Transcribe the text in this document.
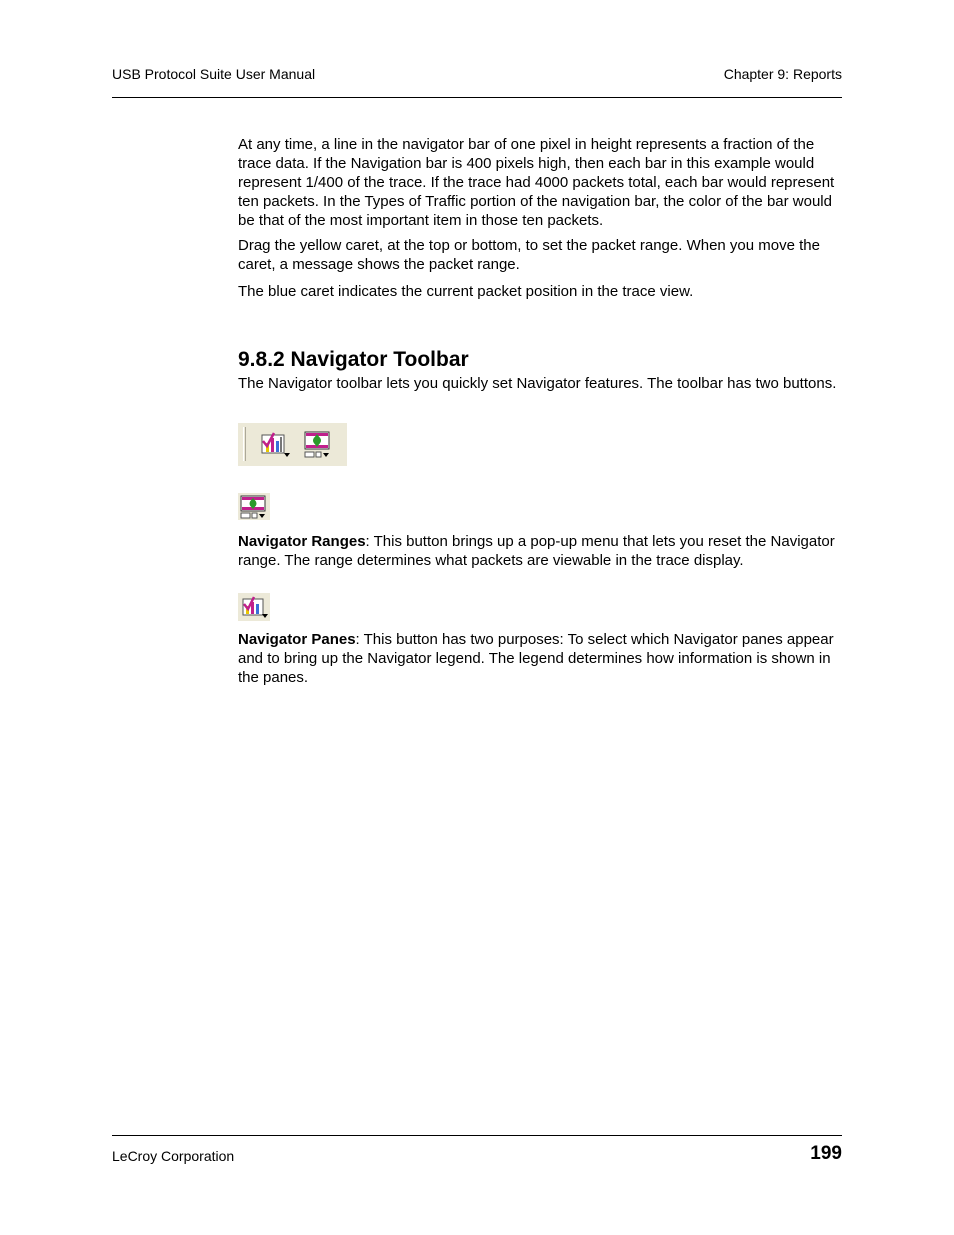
USB Protocol Suite User Manual	Chapter 9: Reports

At any time, a line in the navigator bar of one pixel in height represents a fraction of the trace data. If the Navigation bar is 400 pixels high, then each bar in this example would represent 1/400 of the trace. If the trace had 4000 packets total, each bar would represent ten packets. In the Types of Traffic portion of the navigation bar, the color of the bar would be that of the most important item in those ten packets.

Drag the yellow caret, at the top or bottom, to set the packet range. When you move the caret, a message shows the packet range.

The blue caret indicates the current packet position in the trace view.

9.8.2 Navigator Toolbar

The Navigator toolbar lets you quickly set Navigator features. The toolbar has two buttons.

Navigator Ranges: This button brings up a pop-up menu that lets you reset the Navigator range. The range determines what packets are viewable in the trace display.

Navigator Panes: This button has two purposes: To select which Navigator panes appear and to bring up the Navigator legend. The legend determines how information is shown in the panes.

LeCroy Corporation	199
